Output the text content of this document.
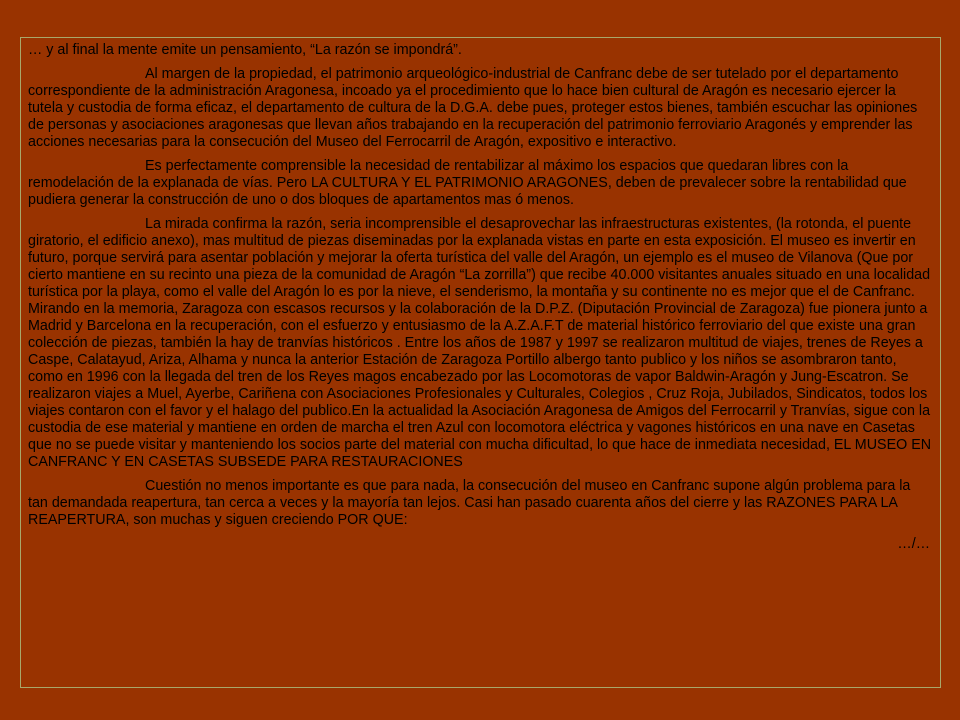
… y al final la mente emite un pensamiento, “La razón se impondrá”.

Al margen de la propiedad, el patrimonio arqueológico-industrial de Canfranc debe de ser tutelado por el departamento correspondiente de la administración Aragonesa, incoado ya el procedimiento que lo hace bien cultural de Aragón es necesario ejercer la tutela y custodia de forma eficaz, el departamento de cultura de la D.G.A. debe pues, proteger estos bienes, también escuchar las opiniones de personas y asociaciones aragonesas que llevan años trabajando en la recuperación del patrimonio ferroviario Aragonés y emprender las acciones necesarias para la consecución del Museo del Ferrocarril de Aragón, expositivo e interactivo.

Es perfectamente comprensible la necesidad de rentabilizar al máximo los espacios que quedaran libres con la remodelación de la explanada de vías. Pero LA CULTURA Y EL PATRIMONIO ARAGONES, deben de prevalecer sobre la rentabilidad que pudiera generar la construcción de uno o dos bloques de apartamentos mas ó menos.

La mirada confirma la razón, seria incomprensible el desaprovechar las infraestructuras existentes, (la rotonda, el puente giratorio, el edificio anexo), mas multitud de piezas diseminadas por la explanada vistas en parte en esta exposición. El museo es invertir en futuro, porque servirá para asentar población y mejorar la oferta turística del valle del Aragón, un ejemplo es el museo de Vilanova (Que por cierto mantiene en su recinto una pieza de la comunidad de Aragón “La zorrilla”) que recibe 40.000 visitantes anuales situado en una localidad turística por la playa, como el valle del Aragón lo es por la nieve, el senderismo, la montaña y su continente no es mejor que el de Canfranc. Mirando en la memoria, Zaragoza con escasos recursos y la colaboración de la D.P.Z. (Diputación Provincial de Zaragoza) fue pionera junto a Madrid y Barcelona en la recuperación, con el esfuerzo y entusiasmo de la A.Z.A.F.T de material histórico ferroviario del que existe una gran colección de piezas, también la hay de tranvías históricos . Entre los años de 1987 y 1997 se realizaron multitud de viajes, trenes de Reyes a Caspe, Calatayud, Ariza, Alhama y nunca la anterior Estación de Zaragoza Portillo albergo tanto publico y los niños se asombraron tanto, como en 1996 con la llegada del tren de los Reyes magos encabezado por las Locomotoras de vapor Baldwin-Aragón y Jung-Escatron. Se realizaron viajes a Muel, Ayerbe, Cariñena con Asociaciones Profesionales y Culturales, Colegios , Cruz Roja, Jubilados, Sindicatos, todos los viajes contaron con el favor y el halago del publico.En la actualidad la Asociación Aragonesa de Amigos del Ferrocarril y Tranvías, sigue con la custodia de ese material y mantiene en orden de marcha el tren Azul con locomotora eléctrica y vagones históricos en una nave en Casetas que no se puede visitar y manteniendo los socios parte del material con mucha dificultad, lo que hace de inmediata necesidad, EL MUSEO EN CANFRANC Y EN CASETAS SUBSEDE PARA RESTAURACIONES

Cuestión no menos importante es que para nada, la consecución del museo en Canfranc supone algún problema para la tan demandada reapertura, tan cerca a veces y la mayoría tan lejos. Casi han pasado cuarenta años del cierre y las RAZONES PARA LA REAPERTURA, son muchas y siguen creciendo POR QUE:

…/…
